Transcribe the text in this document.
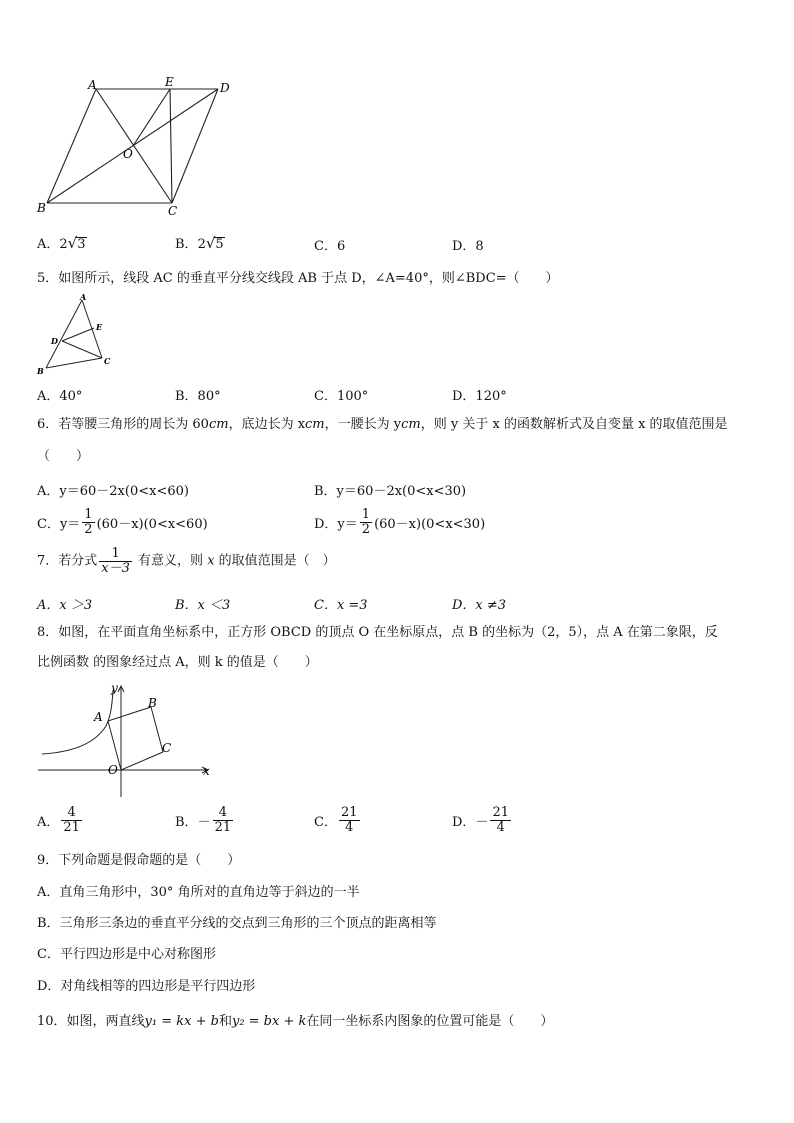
A	E	D
O
B	C
A．2√3	B．2√5	C．6	D．8
5．如图所示，线段 AC 的垂直平分线交线段 AB 于点 D，∠A=40°，则∠BDC=（　　）
A
E
D
B
C
A．40°	B．80°	C．100°	D．120°
6．若等腰三角形的周长为 60cm，底边长为 xcm，一腰长为 ycm，则 y 关于 x 的函数解析式及自变量 x 的取值范围是
（　　）
A．y＝60－2x(0<x<60)	B．y＝60－2x(0<x<30)
C．$y= \frac{1}{2} (60-x)(0<x<60)$	D．$y= \frac{1}{2} (60-x)(0<x<30)$
7．若分式 $\frac{1}{x-3}$ 有意义，则 x 的取值范围是（　）
A．x ＞3	B．x ＜3	C．x =3	D．x ≠3
8．如图，在平面直角坐标系中，正方形 OBCD 的顶点 O 在坐标原点，点 B 的坐标为（2，5），点 A 在第二象限，反
比例函数 的图象经过点 A，则 k 的值是（　　）
y
A
B
C
O	x
A． $\frac{4}{21}$	B．－ $\frac{4}{21}$	C． $\frac{21}{4}$	D．－ $\frac{21}{4}$
9．下列命题是假命题的是（　　）
A．直角三角形中，30° 角所对的直角边等于斜边的一半
B．三角形三条边的垂直平分线的交点到三角形的三个顶点的距离相等
C．平行四边形是中心对称图形
D．对角线相等的四边形是平行四边形
10．如图，两直线y₁ = kx + b和y₂ = bx + k在同一坐标系内图象的位置可能是（　　）
